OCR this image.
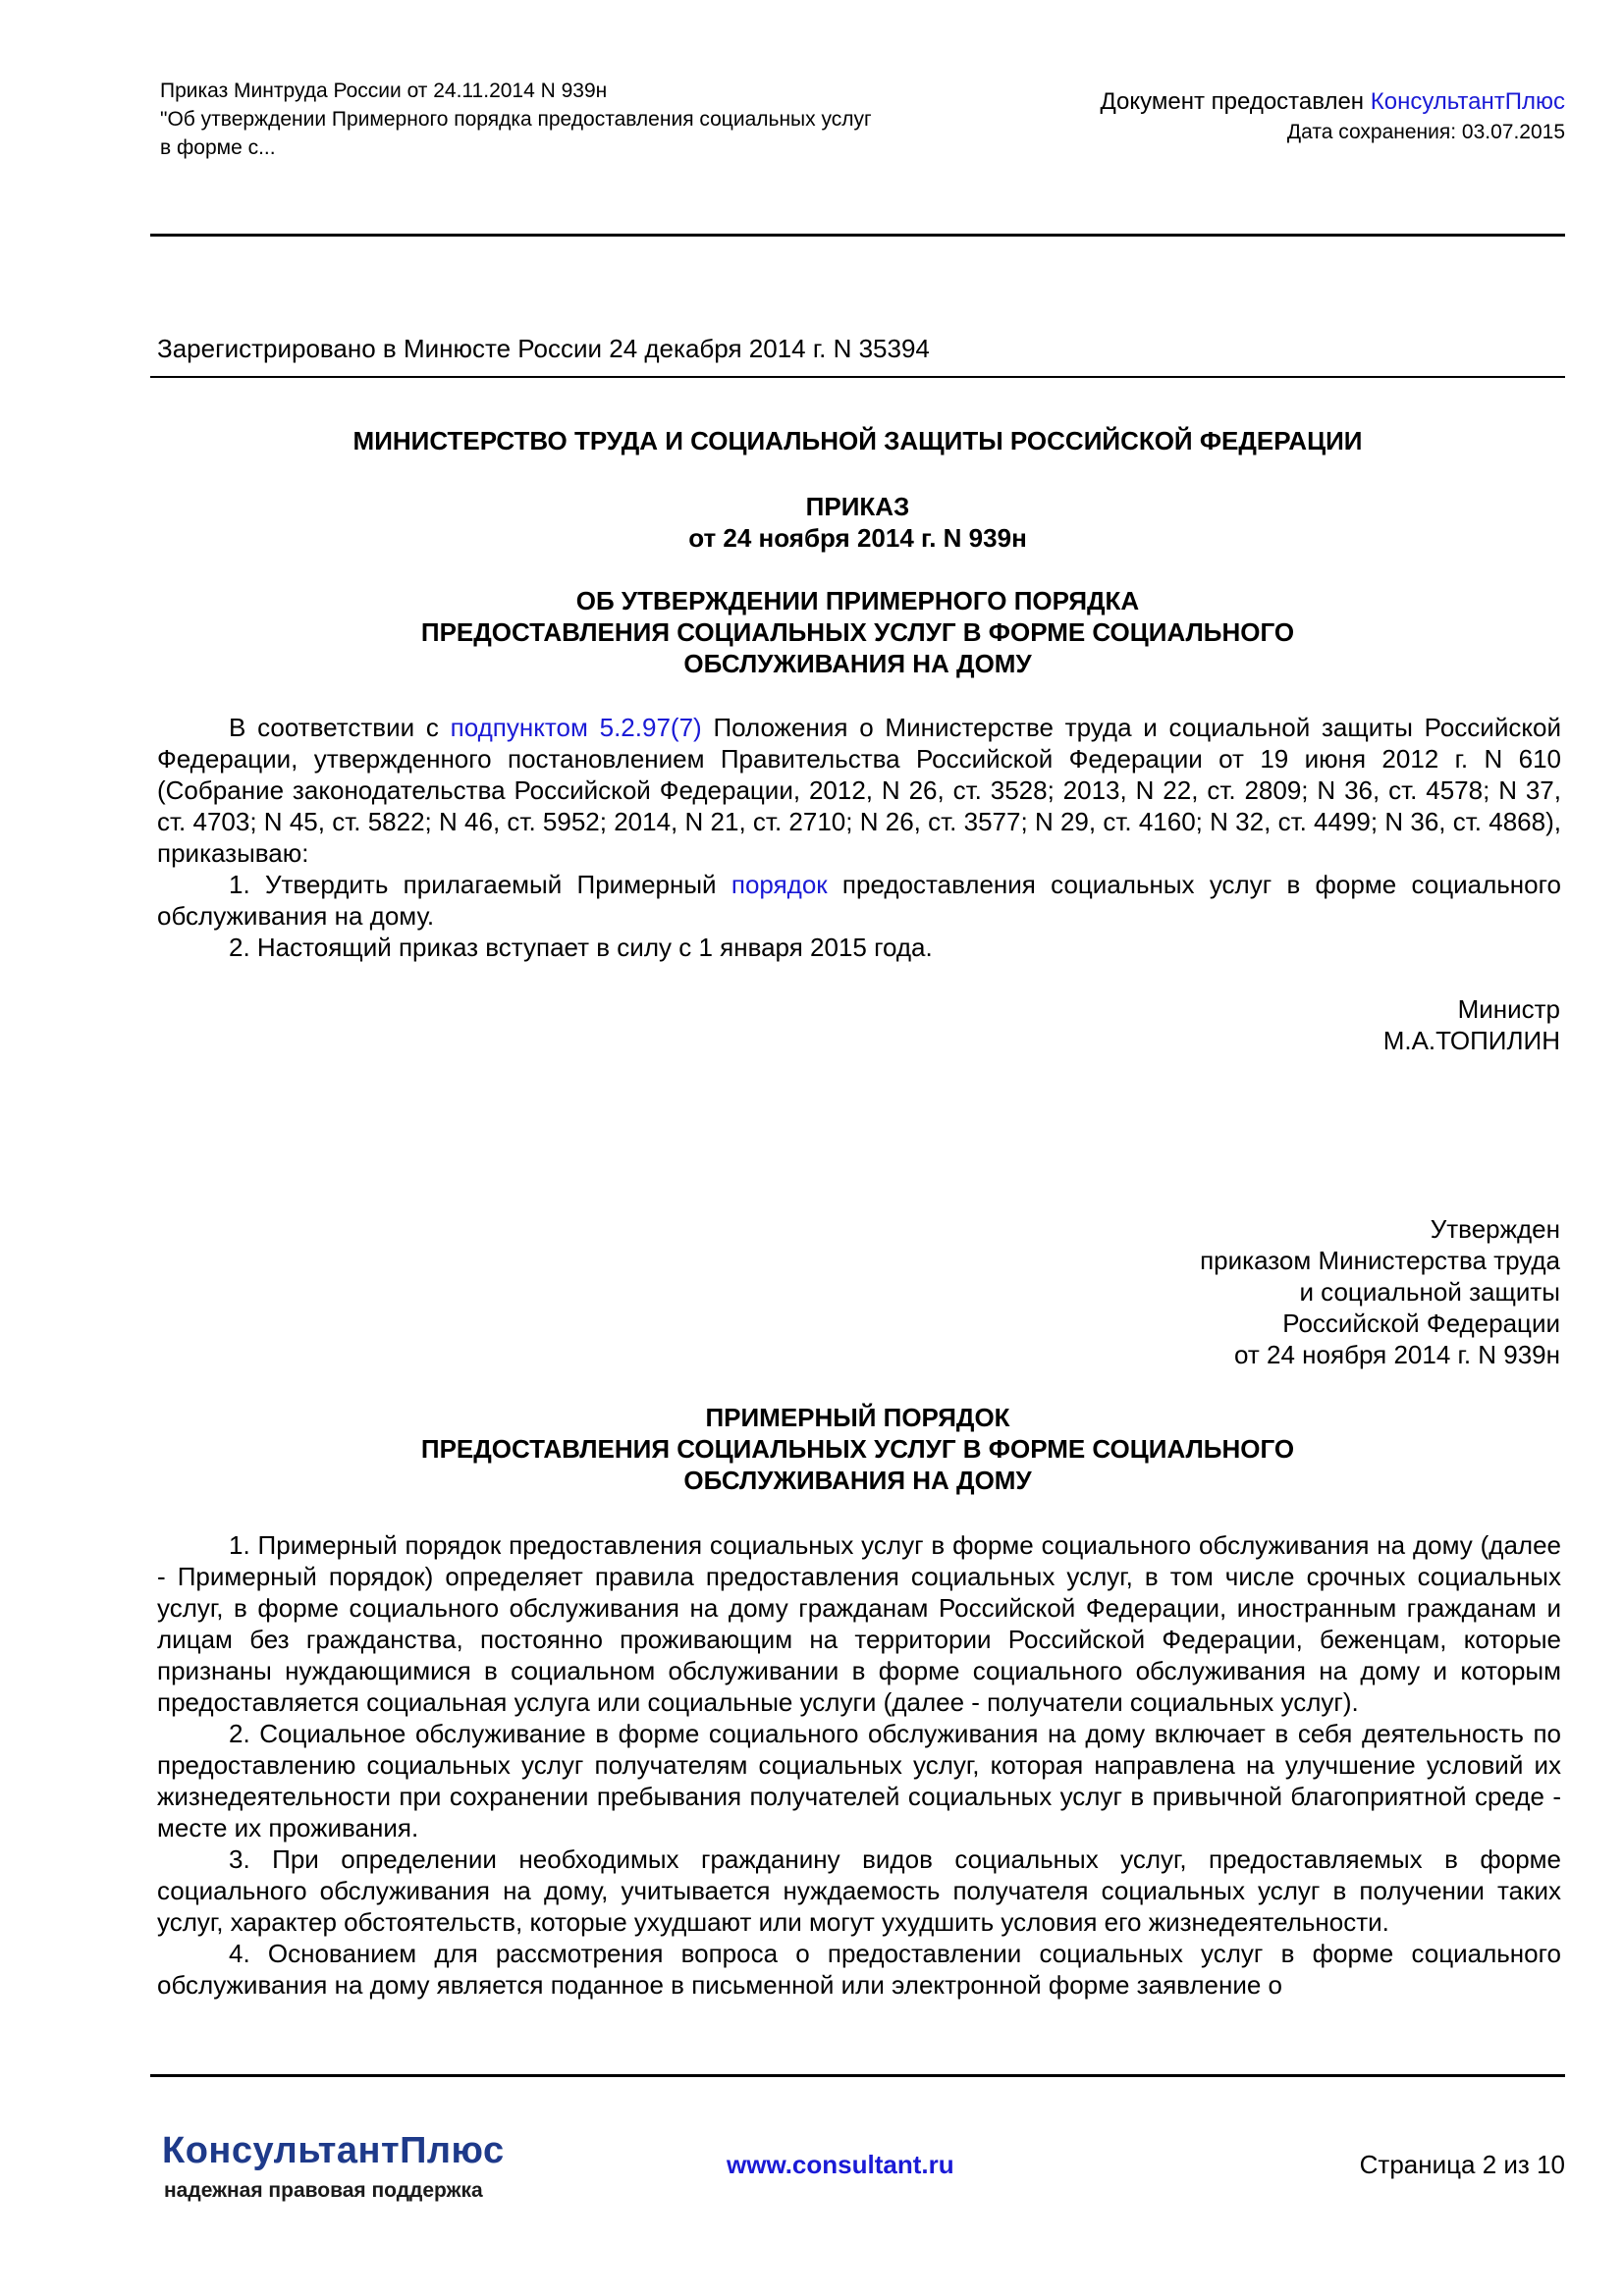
Приказ Минтруда России от 24.11.2014 N 939н
"Об утверждении Примерного порядка предоставления социальных услуг
в форме с...
Документ предоставлен КонсультантПлюс
Дата сохранения: 03.07.2015
Зарегистрировано в Минюсте России 24 декабря 2014 г. N 35394
МИНИСТЕРСТВО ТРУДА И СОЦИАЛЬНОЙ ЗАЩИТЫ РОССИЙСКОЙ ФЕДЕРАЦИИ
ПРИКАЗ
от 24 ноября 2014 г. N 939н
ОБ УТВЕРЖДЕНИИ ПРИМЕРНОГО ПОРЯДКА
ПРЕДОСТАВЛЕНИЯ СОЦИАЛЬНЫХ УСЛУГ В ФОРМЕ СОЦИАЛЬНОГО
ОБСЛУЖИВАНИЯ НА ДОМУ

В соответствии с подпунктом 5.2.97(7) Положения о Министерстве труда и социальной защиты Российской Федерации, утвержденного постановлением Правительства Российской Федерации от 19 июня 2012 г. N 610 (Собрание законодательства Российской Федерации, 2012, N 26, ст. 3528; 2013, N 22, ст. 2809; N 36, ст. 4578; N 37, ст. 4703; N 45, ст. 5822; N 46, ст. 5952; 2014, N 21, ст. 2710; N 26, ст. 3577; N 29, ст. 4160; N 32, ст. 4499; N 36, ст. 4868), приказываю:

1. Утвердить прилагаемый Примерный порядок предоставления социальных услуг в форме социального обслуживания на дому.

2. Настоящий приказ вступает в силу с 1 января 2015 года.

Министр
М.А.ТОПИЛИН
Утвержден
приказом Министерства труда
и социальной защиты
Российской Федерации
от 24 ноября 2014 г. N 939н
ПРИМЕРНЫЙ ПОРЯДОК
ПРЕДОСТАВЛЕНИЯ СОЦИАЛЬНЫХ УСЛУГ В ФОРМЕ СОЦИАЛЬНОГО
ОБСЛУЖИВАНИЯ НА ДОМУ

1. Примерный порядок предоставления социальных услуг в форме социального обслуживания на дому (далее - Примерный порядок) определяет правила предоставления социальных услуг, в том числе срочных социальных услуг, в форме социального обслуживания на дому гражданам Российской Федерации, иностранным гражданам и лицам без гражданства, постоянно проживающим на территории Российской Федерации, беженцам, которые признаны нуждающимися в социальном обслуживании в форме социального обслуживания на дому и которым предоставляется социальная услуга или социальные услуги (далее - получатели социальных услуг).

2. Социальное обслуживание в форме социального обслуживания на дому включает в себя деятельность по предоставлению социальных услуг получателям социальных услуг, которая направлена на улучшение условий их жизнедеятельности при сохранении пребывания получателей социальных услуг в привычной благоприятной среде - месте их проживания.

3. При определении необходимых гражданину видов социальных услуг, предоставляемых в форме социального обслуживания на дому, учитывается нуждаемость получателя социальных услуг в получении таких услуг, характер обстоятельств, которые ухудшают или могут ухудшить условия его жизнедеятельности.

4. Основанием для рассмотрения вопроса о предоставлении социальных услуг в форме социального обслуживания на дому является поданное в письменной или электронной форме заявление о

КонсультантПлюс
надежная правовая поддержка
www.consultant.ru	Страница 2 из 10
